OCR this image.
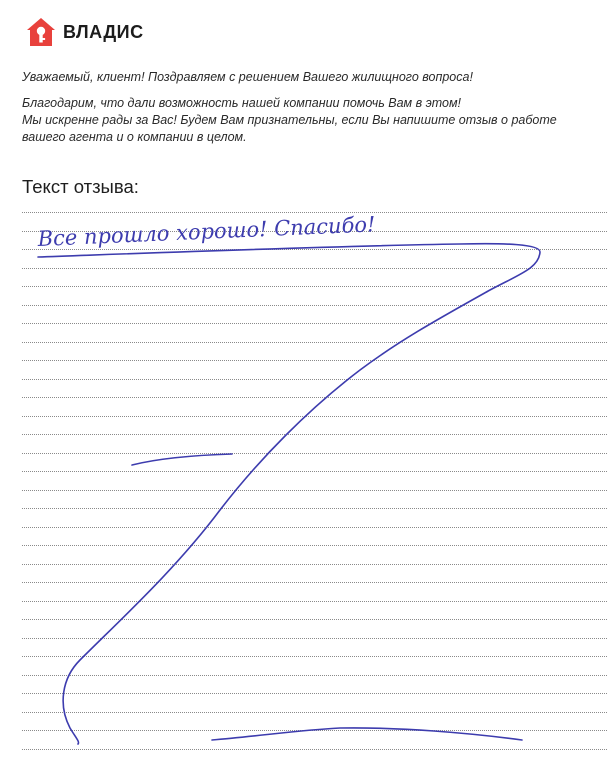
ВЛАДИС

Уважаемый, клиент! Поздравляем с решением Вашего жилищного вопроса!

Благодарим, что дали возможность нашей компании помочь Вам в этом!

Мы искренне рады за Вас! Будем Вам признательны, если Вы напишите отзыв о работе

вашего агента и о компании в целом.

Текст отзыва:
Все прошло хорошо! Спасибо!
